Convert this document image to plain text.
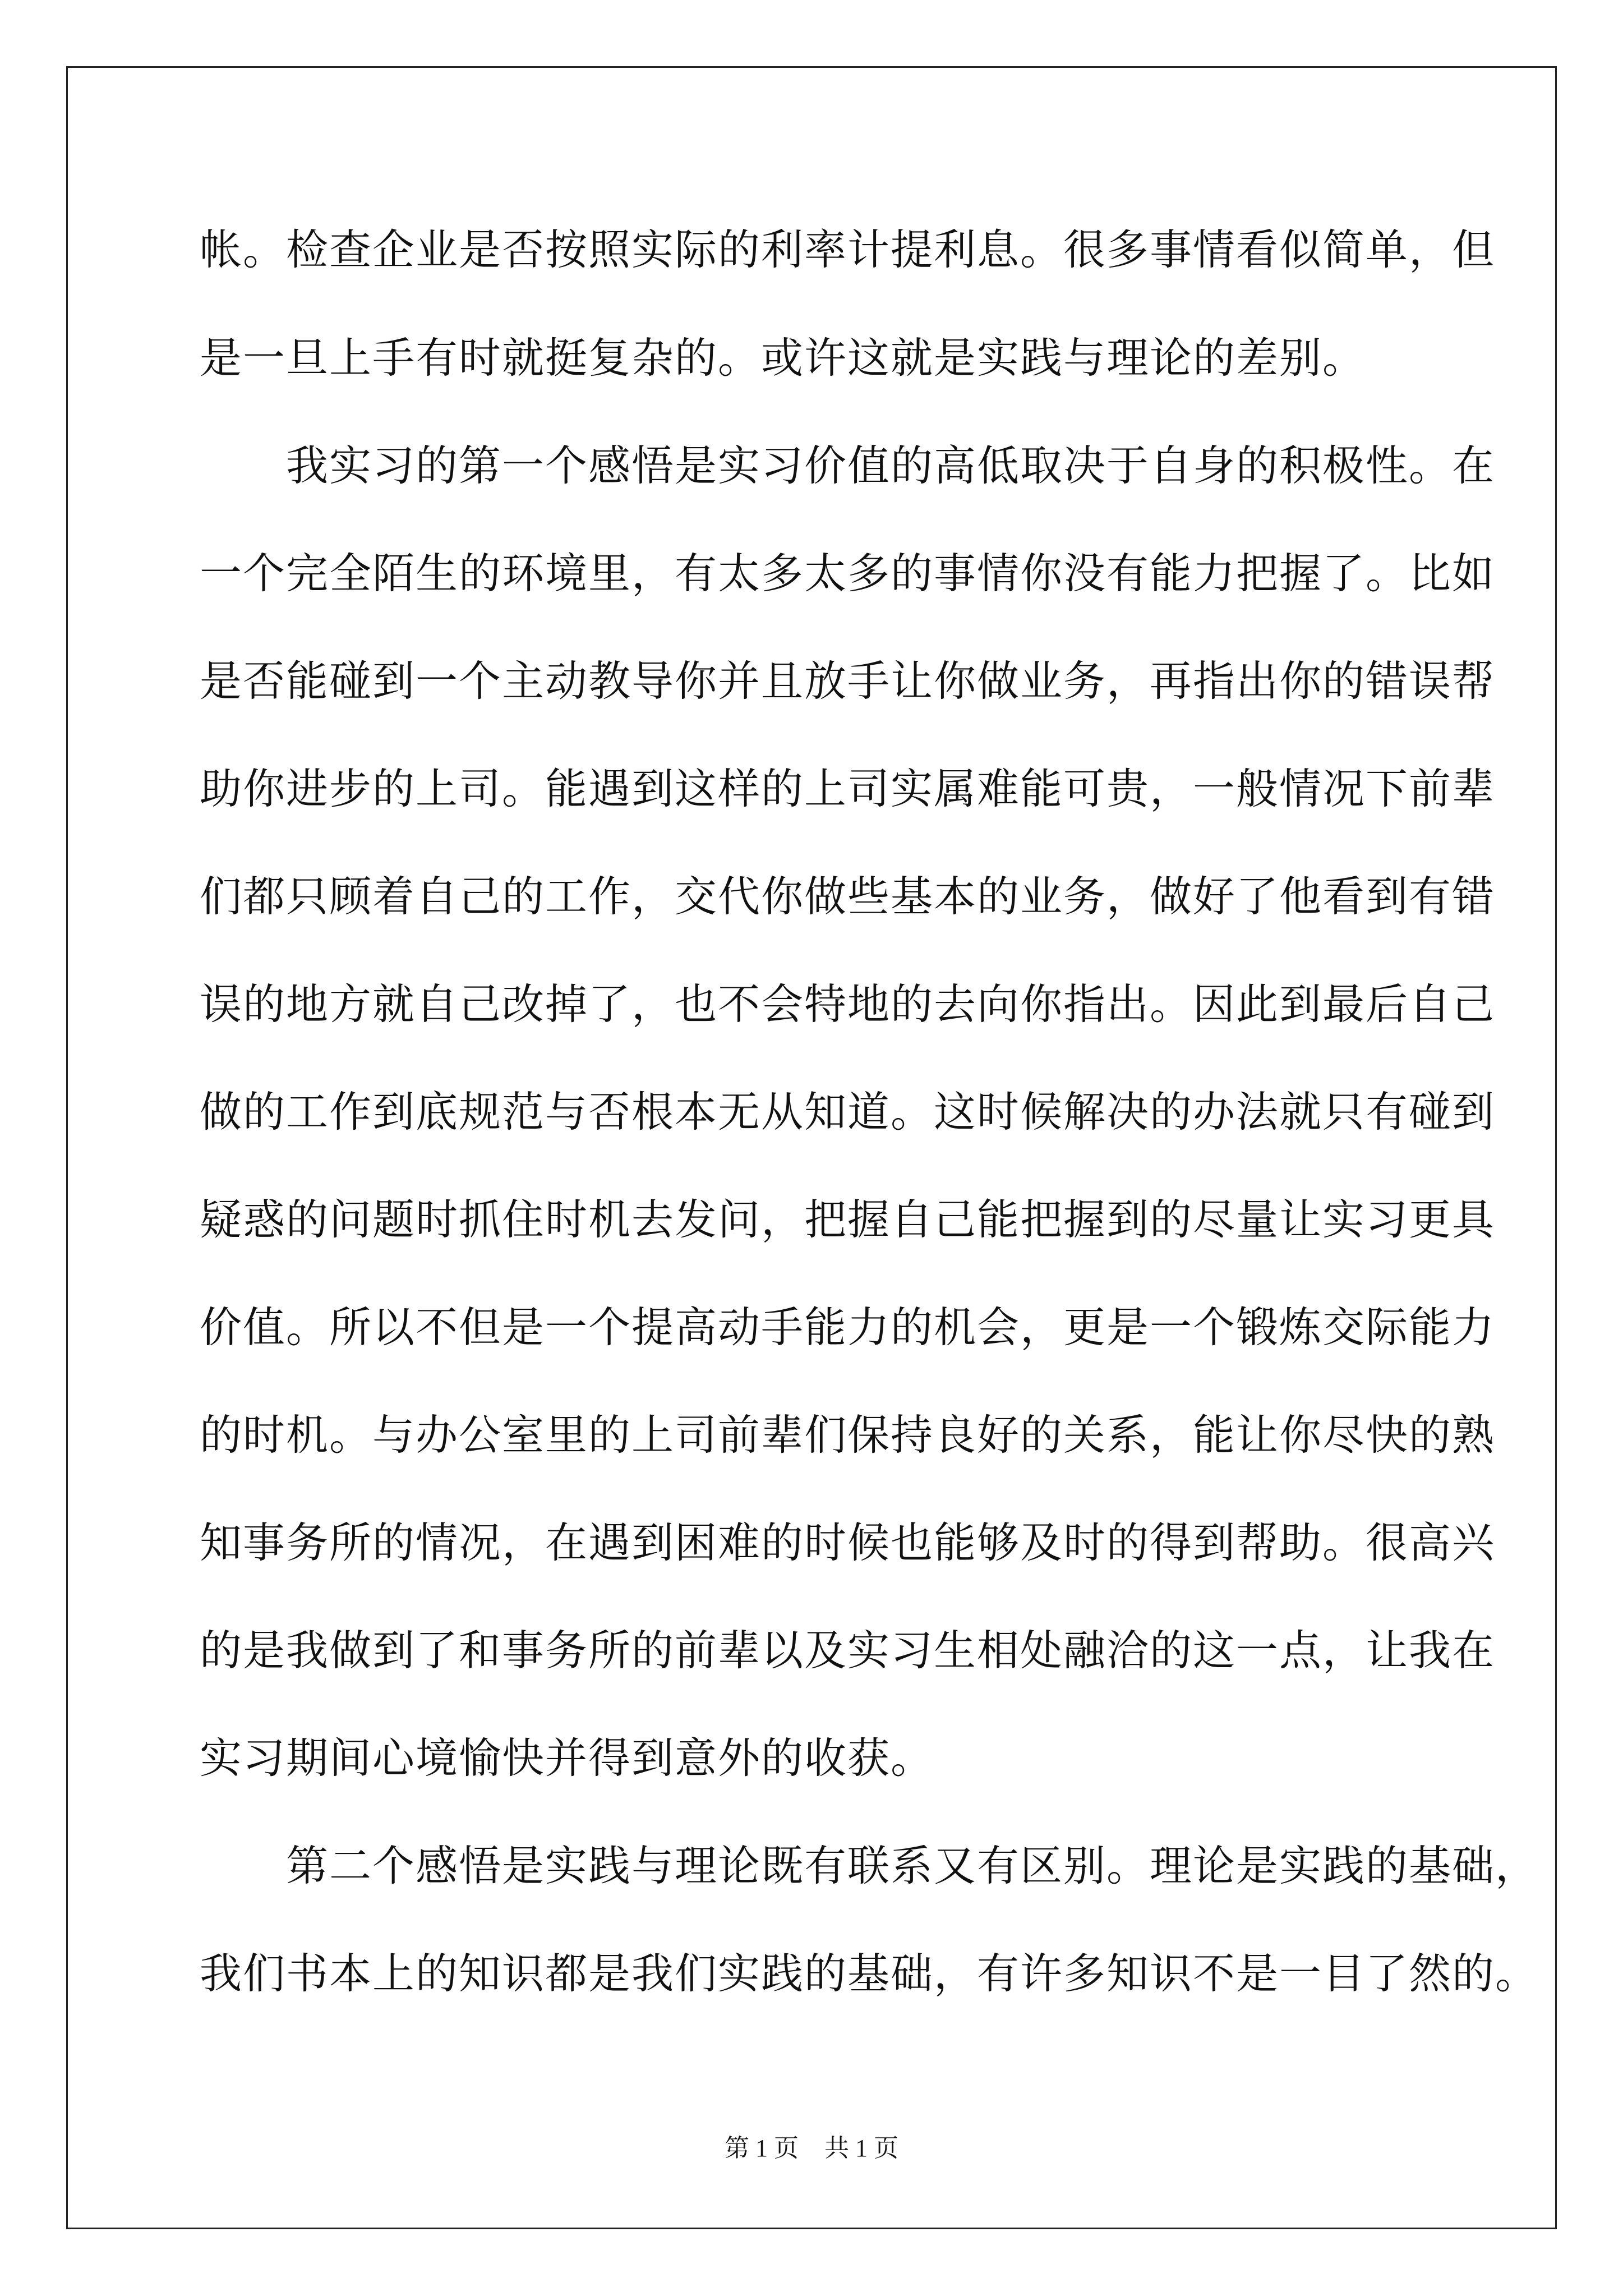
帐。检查企业是否按照实际的利率计提利息。很多事情看似简单，但
是一旦上手有时就挺复杂的。或许这就是实践与理论的差别。
　　我实习的第一个感悟是实习价值的高低取决于自身的积极性。在
一个完全陌生的环境里，有太多太多的事情你没有能力把握了。比如
是否能碰到一个主动教导你并且放手让你做业务，再指出你的错误帮
助你进步的上司。能遇到这样的上司实属难能可贵，一般情况下前辈
们都只顾着自己的工作，交代你做些基本的业务，做好了他看到有错
误的地方就自己改掉了，也不会特地的去向你指出。因此到最后自己
做的工作到底规范与否根本无从知道。这时候解决的办法就只有碰到
疑惑的问题时抓住时机去发问，把握自己能把握到的尽量让实习更具
价值。所以不但是一个提高动手能力的机会，更是一个锻炼交际能力
的时机。与办公室里的上司前辈们保持良好的关系，能让你尽快的熟
知事务所的情况，在遇到困难的时候也能够及时的得到帮助。很高兴
的是我做到了和事务所的前辈以及实习生相处融洽的这一点，让我在
实习期间心境愉快并得到意外的收获。
　　第二个感悟是实践与理论既有联系又有区别。理论是实践的基础，
我们书本上的知识都是我们实践的基础，有许多知识不是一目了然的。
第 1 页 共 1 页
